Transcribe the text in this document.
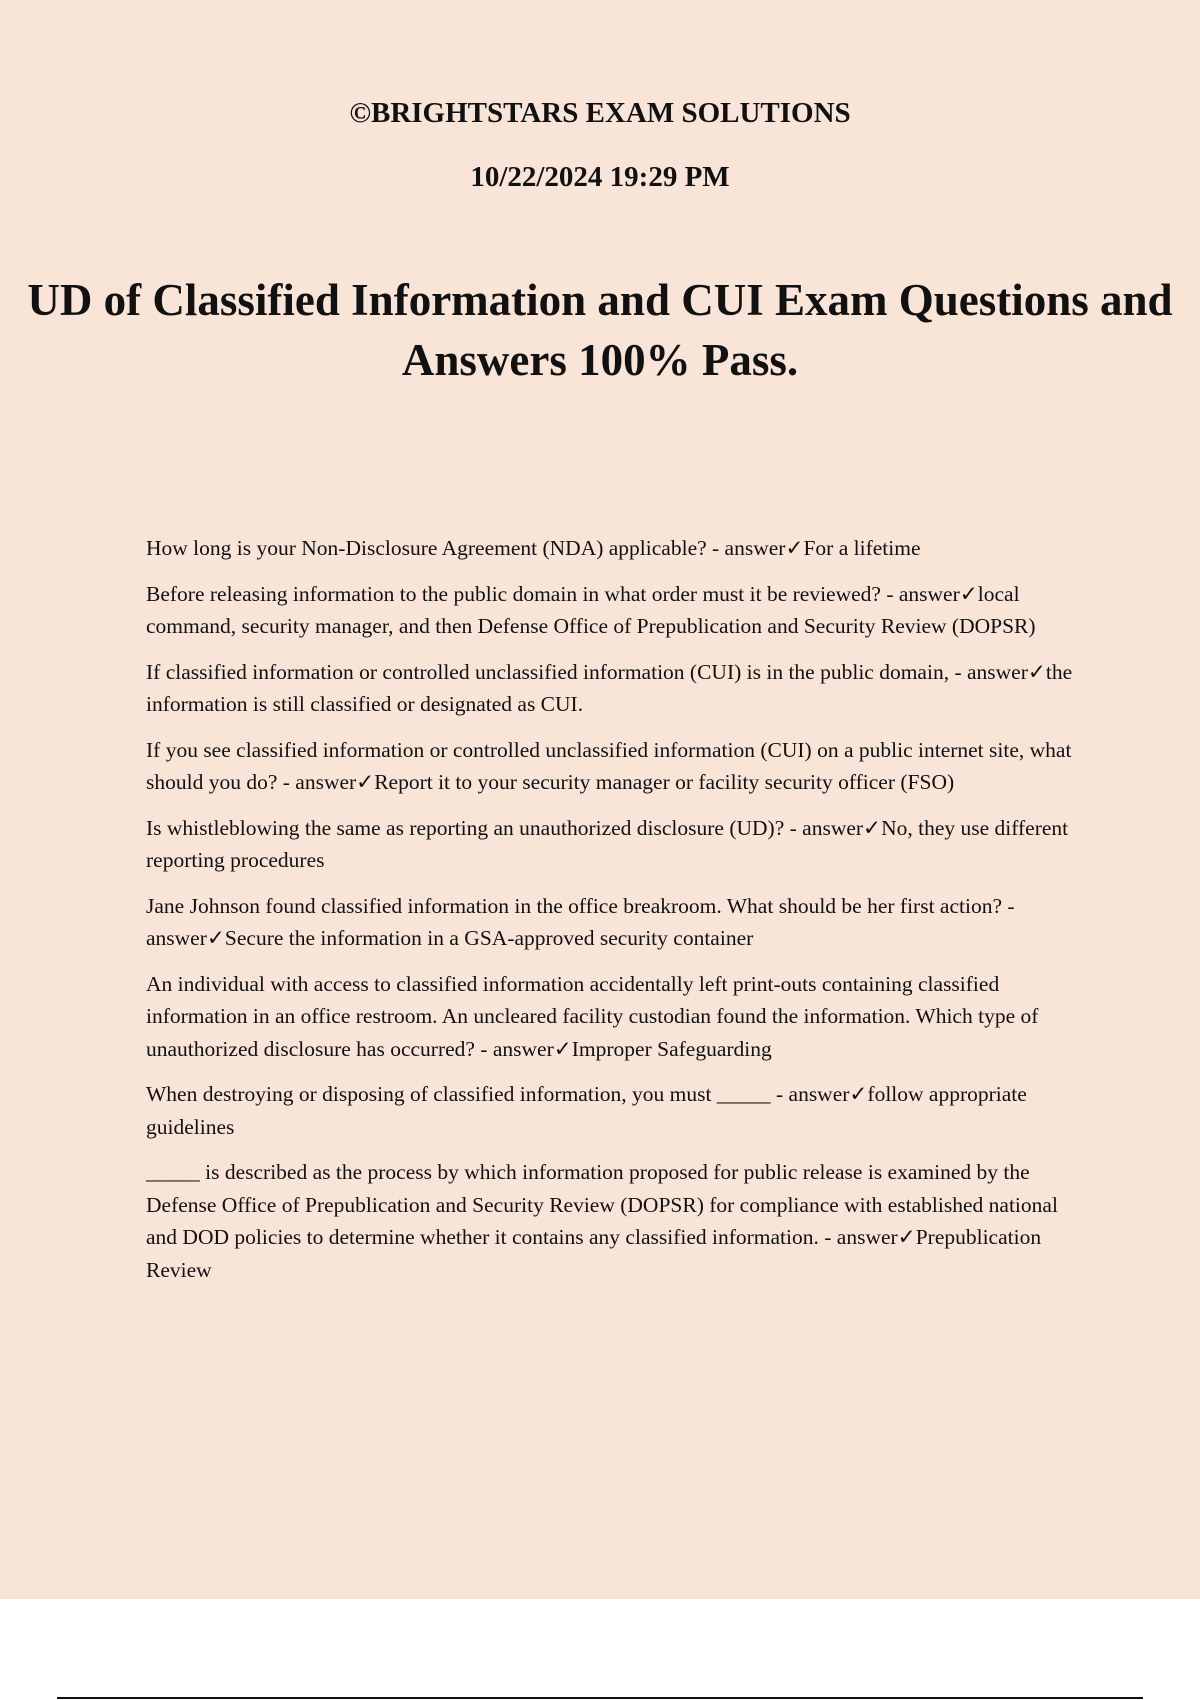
©BRIGHTSTARS EXAM SOLUTIONS
10/22/2024 19:29 PM
UD of Classified Information and CUI Exam Questions and Answers 100% Pass.

How long is your Non-Disclosure Agreement (NDA) applicable? - answer✓For a lifetime

Before releasing information to the public domain in what order must it be reviewed? - answer✓local command, security manager, and then Defense Office of Prepublication and Security Review (DOPSR)

If classified information or controlled unclassified information (CUI) is in the public domain, - answer✓the information is still classified or designated as CUI.

If you see classified information or controlled unclassified information (CUI) on a public internet site, what should you do? - answer✓Report it to your security manager or facility security officer (FSO)

Is whistleblowing the same as reporting an unauthorized disclosure (UD)? - answer✓No, they use different reporting procedures

Jane Johnson found classified information in the office breakroom. What should be her first action? - answer✓Secure the information in a GSA-approved security container

An individual with access to classified information accidentally left print-outs containing classified information in an office restroom. An uncleared facility custodian found the information. Which type of unauthorized disclosure has occurred? - answer✓Improper Safeguarding

When destroying or disposing of classified information, you must _____ - answer✓follow appropriate guidelines

_____ is described as the process by which information proposed for public release is examined by the Defense Office of Prepublication and Security Review (DOPSR) for compliance with established national and DOD policies to determine whether it contains any classified information. - answer✓Prepublication Review
